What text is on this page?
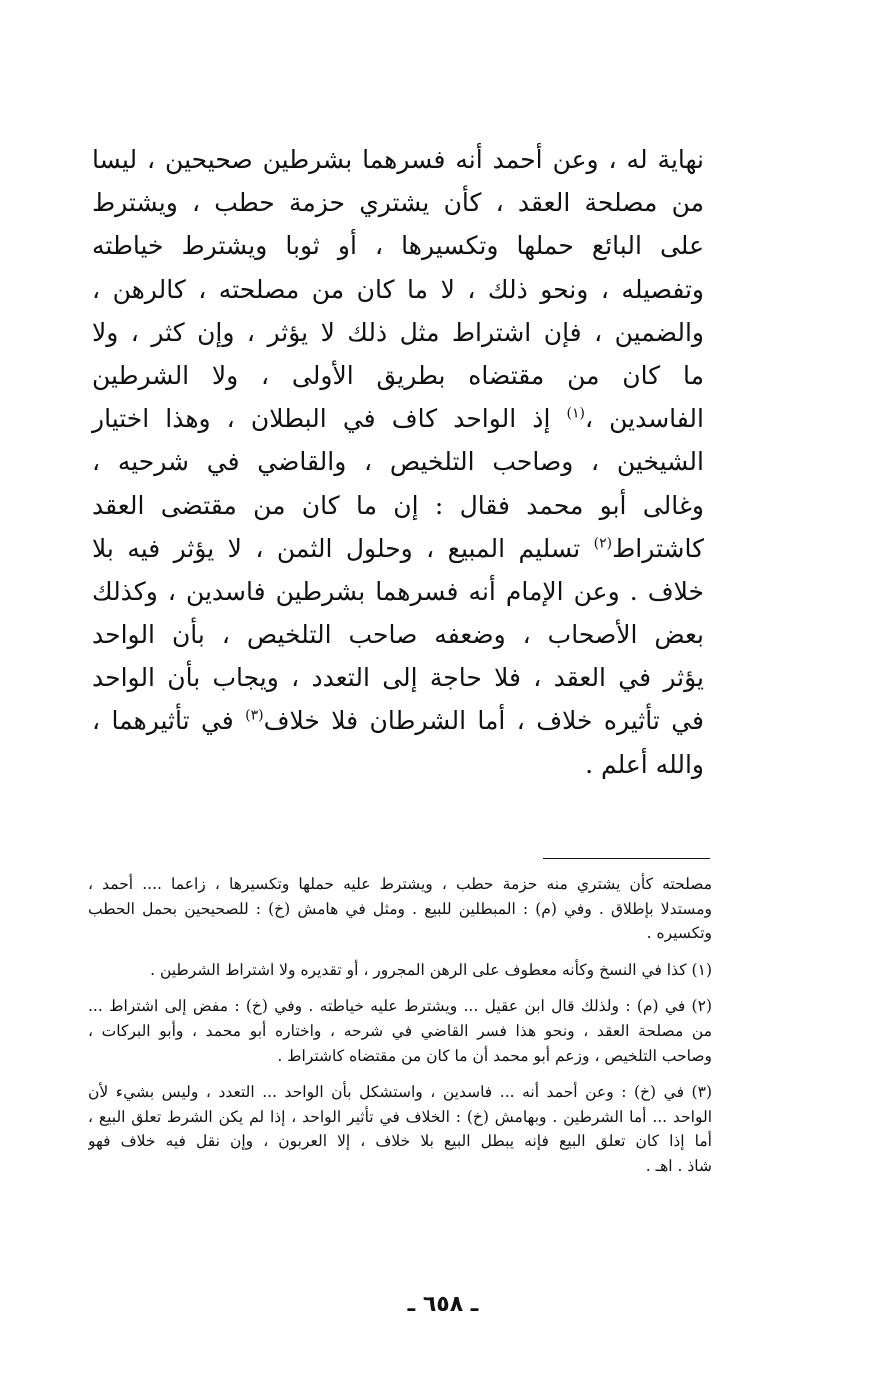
نهاية له ، وعن أحمد أنه فسرهما بشرطين صحيحين ، ليسا
من مصلحة العقد ، كأن يشتري حزمة حطب ، ويشترط
على البائع حملها وتكسيرها ، أو ثوبا ويشترط خياطته
وتفصيله ، ونحو ذلك ، لا ما كان من مصلحته ، كالرهن ،
والضمين ، فإن اشتراط مثل ذلك لا يؤثر ، وإن كثر ، ولا
ما كان من مقتضاه بطريق الأولى ، ولا الشرطين
الفاسدين ،$^{(١)}$ إذ الواحد كاف في البطلان ، وهذا اختيار
الشيخين ، وصاحب التلخيص ، والقاضي في شرحيه ،
وغالى أبو محمد فقال : إن ما كان من مقتضى العقد
كاشتراط$^{(٢)}$ تسليم المبيع ، وحلول الثمن ، لا يؤثر فيه بلا
خلاف . وعن الإمام أنه فسرهما بشرطين فاسدين ، وكذلك
بعض الأصحاب ، وضعفه صاحب التلخيص ، بأن الواحد
يؤثر في العقد ، فلا حاجة إلى التعدد ، ويجاب بأن الواحد
في تأثيره خلاف ، أما الشرطان فلا خلاف$^{(٣)}$ في تأثيرهما ،
والله أعلم .
مصلحته كأن يشتري منه حزمة حطب ، ويشترط عليه حملها وتكسيرها ، زاعما .... أحمد ،
ومستدلا بإطلاق . وفي (م) : المبطلين للبيع . ومثل في هامش (خ) : للصحيحين بحمل الحطب
وتكسيره .
(١) كذا في النسخ وكأنه معطوف على الرهن المجرور ، أو تقديره ولا اشتراط الشرطين .
(٢) في (م) : ولذلك قال ابن عقيل ... ويشترط عليه خياطته . وفي (خ) : مفض إلى اشتراط ...
من مصلحة العقد ، ونحو هذا فسر القاضي في شرحه ، واختاره أبو محمد ، وأبو البركات ،
وصاحب التلخيص ، وزعم أبو محمد أن ما كان من مقتضاه كاشتراط .
(٣) في (خ) : وعن أحمد أنه ... فاسدين ، واستشكل بأن الواحد ... التعدد ، وليس بشيء لأن
الواحد ... أما الشرطين . وبهامش (خ) : الخلاف في تأثير الواحد ، إذا لم يكن الشرط تعلق البيع ،
أما إذا كان تعلق البيع فإنه يبطل البيع بلا خلاف ، إلا العربون ، وإن نقل فيه خلاف فهو
شاذ . اهـ .
ـ ٦٥٨ ـ
